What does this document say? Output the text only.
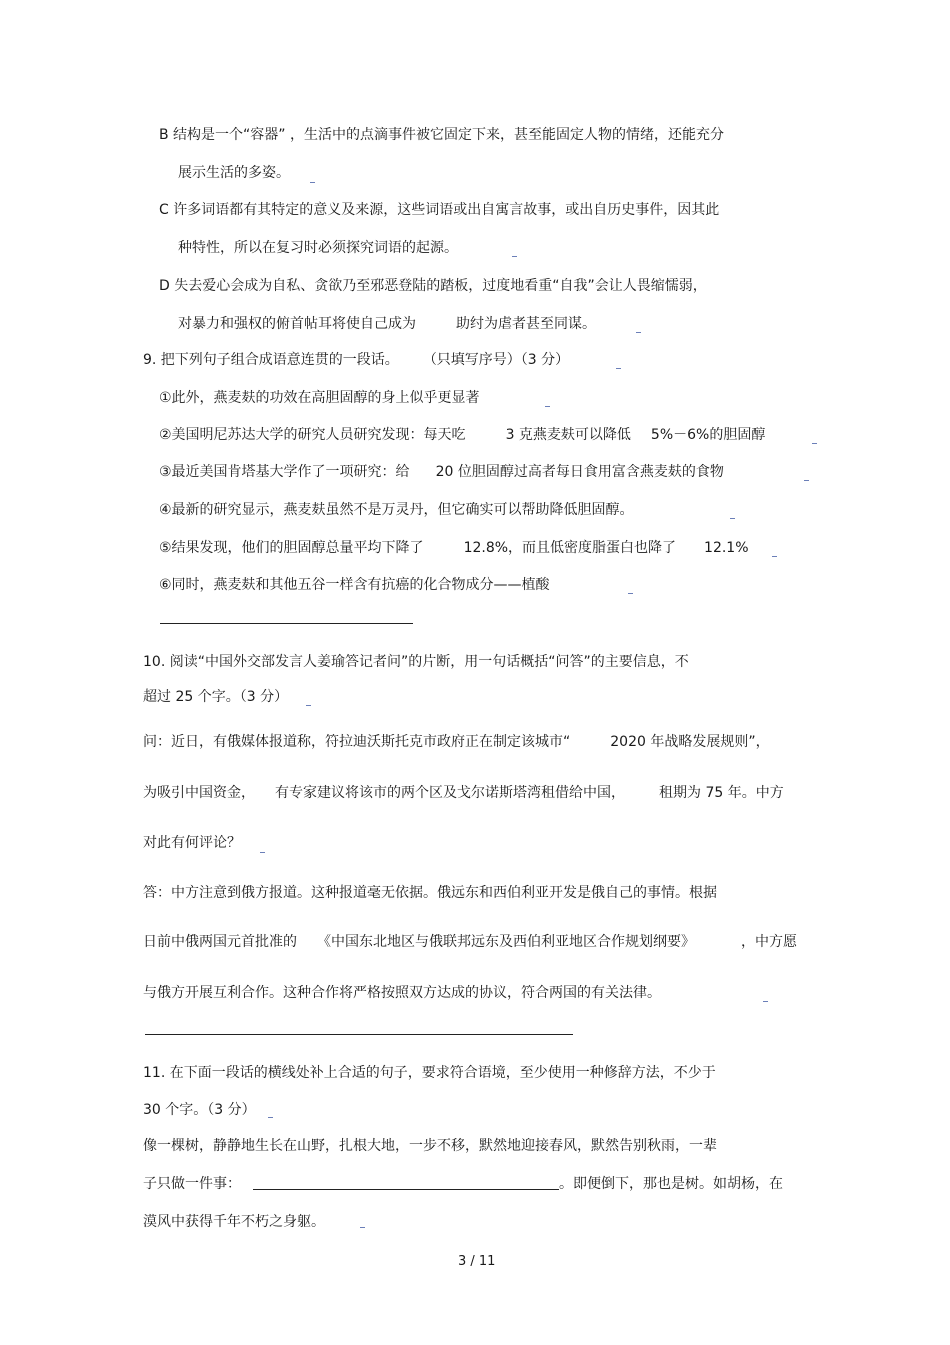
B 结构是一个“容器” ，生活中的点滴事件被它固定下来，甚至能固定人物的情绪，还能充分
展示生活的多姿。
C 许多词语都有其特定的意义及来源，这些词语或出自寓言故事，或出自历史事件，因其此
种特性，所以在复习时必须探究词语的起源。
D 失去爱心会成为自私、贪欲乃至邪恶登陆的踏板，过度地看重“自我”会让人畏缩懦弱，
对暴力和强权的俯首帖耳将使自己成为	助纣为虐者甚至同谋。
9. 把下列句子组合成语意连贯的一段话。 （只填写序号）（3 分）
①此外，燕麦麸的功效在高胆固醇的身上似乎更显著
②美国明尼苏达大学的研究人员研究发现：每天吃	3 克燕麦麸可以降低 5%－6%的胆固醇
③最近美国肯塔基大学作了一项研究：给 20 位胆固醇过高者每日食用富含燕麦麸的食物
④最新的研究显示，燕麦麸虽然不是万灵丹，但它确实可以帮助降低胆固醇。
⑤结果发现，他们的胆固醇总量平均下降了	12.8%，而且低密度脂蛋白也降了 12.1%
⑥同时，燕麦麸和其他五谷一样含有抗癌的化合物成分——植酸
10. 阅读“中国外交部发言人姜瑜答记者问”的片断，用一句话概括“问答”的主要信息，不
超过 25 个字。（3 分）
问：近日，有俄媒体报道称，符拉迪沃斯托克市政府正在制定该城市“	2020 年战略发展规则”，
为吸引中国资金， 有专家建议将该市的两个区及戈尔诺斯塔湾租借给中国， 租期为 75 年。中方
对此有何评论？
答：中方注意到俄方报道。这种报道毫无依据。俄远东和西伯利亚开发是俄自己的事情。根据
日前中俄两国元首批准的 《中国东北地区与俄联邦远东及西伯利亚地区合作规划纲要》	，中方愿
与俄方开展互利合作。这种合作将严格按照双方达成的协议，符合两国的有关法律。
11. 在下面一段话的横线处补上合适的句子，要求符合语境，至少使用一种修辞方法，不少于
30 个字。（3 分）
像一棵树，静静地生长在山野，扎根大地，一步不移，默然地迎接春风，默然告别秋雨，一辈
子只做一件事：	。即便倒下，那也是树。如胡杨，在
漠风中获得千年不朽之身躯。
3 / 11
